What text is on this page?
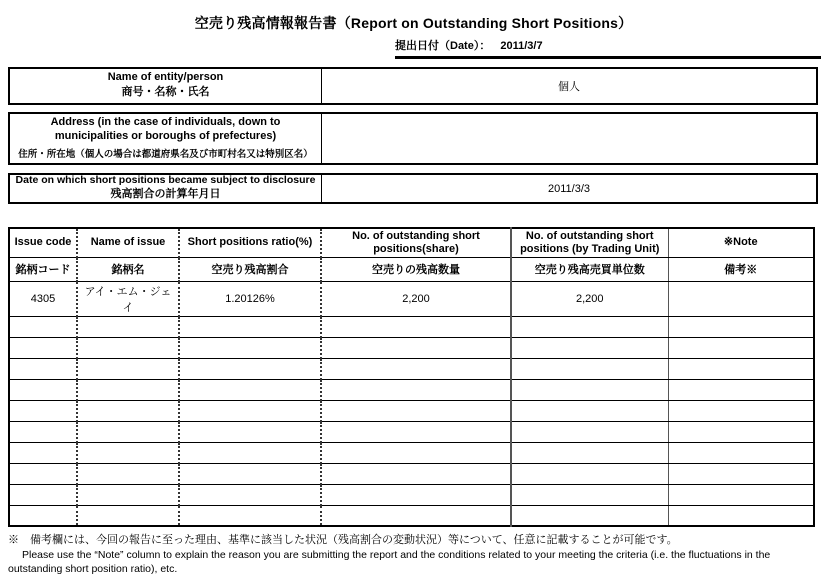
空売り残高情報報告書（Report on Outstanding Short Positions）
提出日付（Date）： 2011/3/7
Name of entity/person
商号・名称・氏名	個人
Address (in the case of individuals, down to municipalities or boroughs of prefectures)
住所・所在地（個人の場合は都道府県名及び市町村名又は特別区名）
Date on which short positions became subject to disclosure
残高割合の計算年月日	2011/3/3
Issue code	Name of issue	Short positions ratio(%)	No. of outstanding short positions(share)	No. of outstanding short positions (by Trading Unit)	※Note
銘柄コード	銘柄名	空売り残高割合	空売りの残高数量	空売り残高売買単位数	備考※
4305	アイ・エム・ジェイ	1.20126%	2,200	2,200	

※　備考欄には、今回の報告に至った理由、基準に該当した状況（残高割合の変動状況）等について、任意に記載することが可能です。
Please use the “Note” column to explain the reason you are submitting the report and the conditions related to your meeting the criteria (i.e. the fluctuations in the outstanding short position ratio), etc.
